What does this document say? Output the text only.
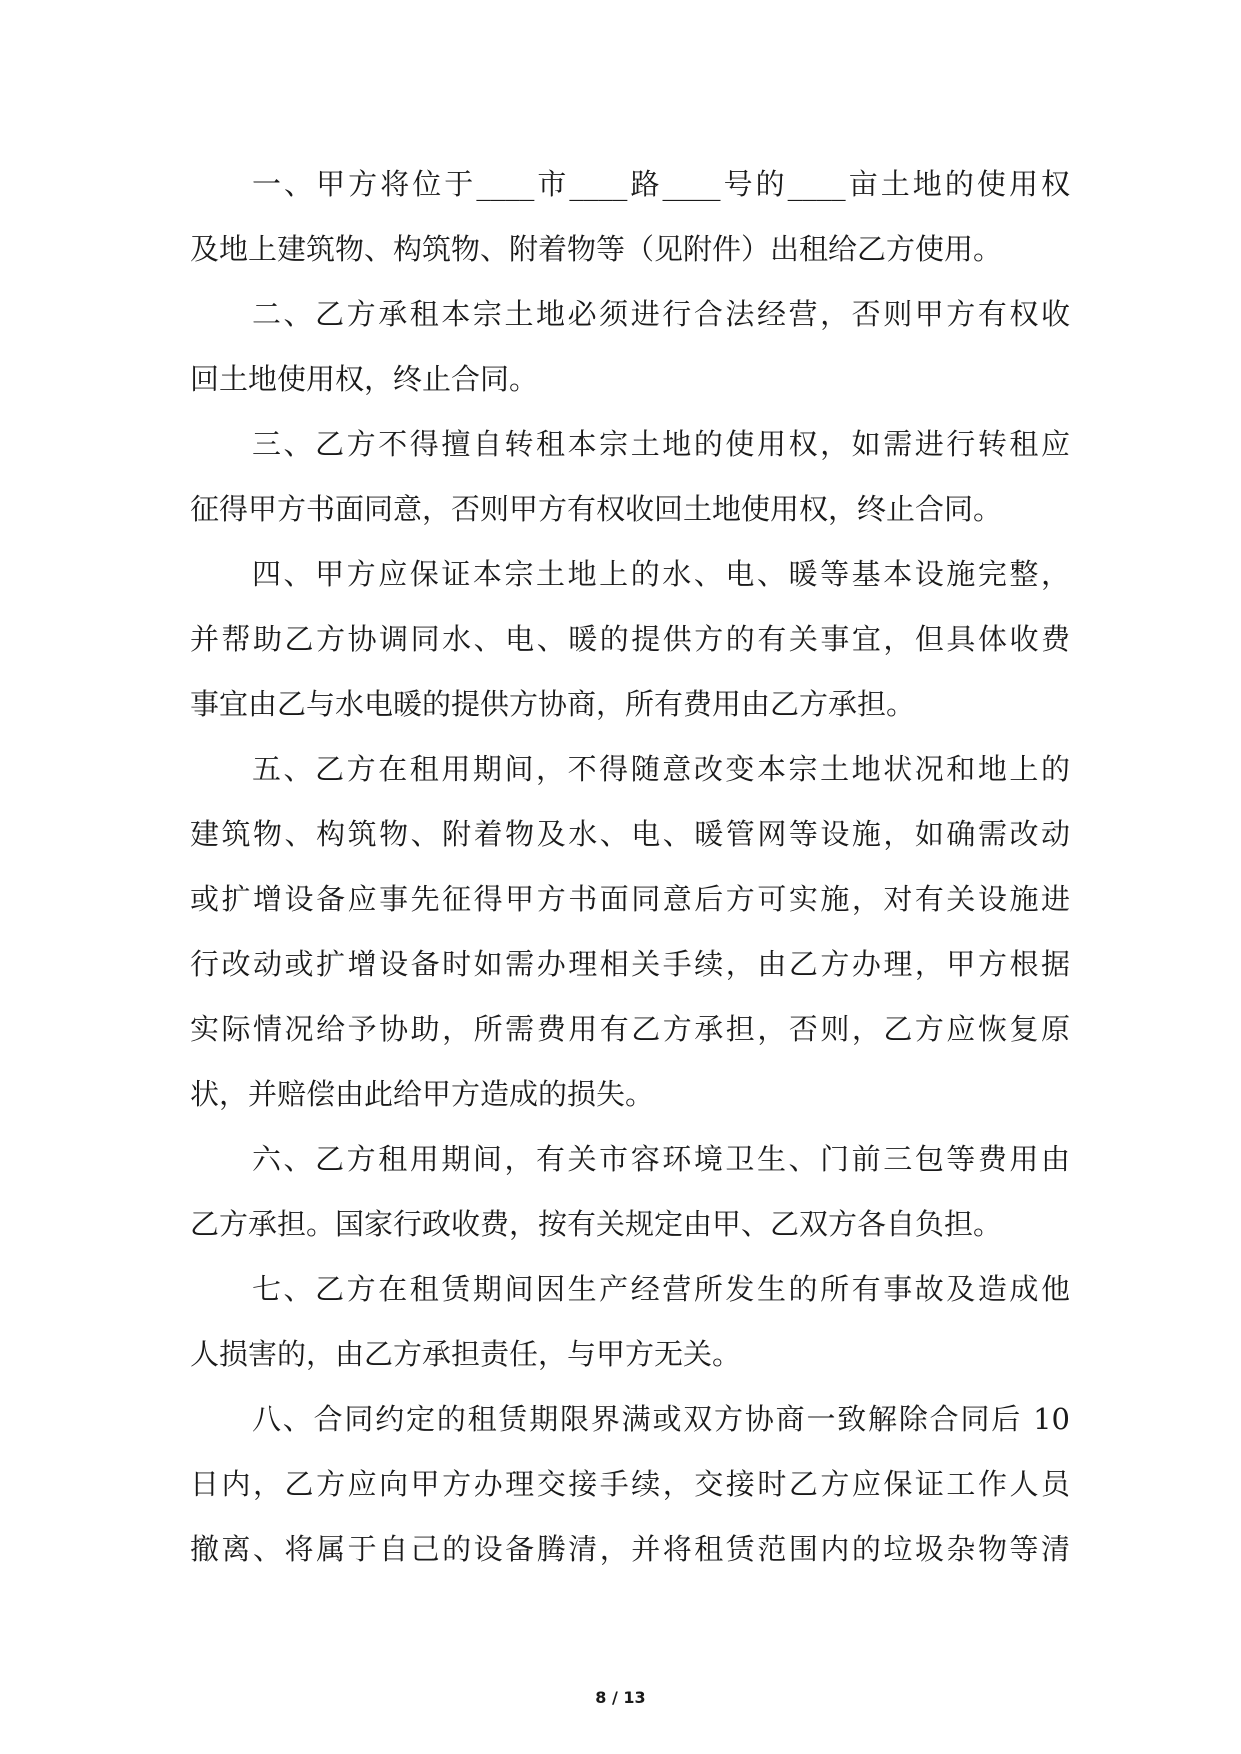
一、甲方将位于____市____路____号的____亩土地的使用权
及地上建筑物、构筑物、附着物等（见附件）出租给乙方使用。
二、乙方承租本宗土地必须进行合法经营，否则甲方有权收
回土地使用权，终止合同。
三、乙方不得擅自转租本宗土地的使用权，如需进行转租应
征得甲方书面同意，否则甲方有权收回土地使用权，终止合同。
四、甲方应保证本宗土地上的水、电、暖等基本设施完整，
并帮助乙方协调同水、电、暖的提供方的有关事宜，但具体收费
事宜由乙与水电暖的提供方协商，所有费用由乙方承担。
五、乙方在租用期间，不得随意改变本宗土地状况和地上的
建筑物、构筑物、附着物及水、电、暖管网等设施，如确需改动
或扩增设备应事先征得甲方书面同意后方可实施，对有关设施进
行改动或扩增设备时如需办理相关手续，由乙方办理，甲方根据
实际情况给予协助，所需费用有乙方承担，否则，乙方应恢复原
状，并赔偿由此给甲方造成的损失。
六、乙方租用期间，有关市容环境卫生、门前三包等费用由
乙方承担。国家行政收费，按有关规定由甲、乙双方各自负担。
七、乙方在租赁期间因生产经营所发生的所有事故及造成他
人损害的，由乙方承担责任，与甲方无关。
八、合同约定的租赁期限界满或双方协商一致解除合同后 10
日内，乙方应向甲方办理交接手续，交接时乙方应保证工作人员
撤离、将属于自己的设备腾清，并将租赁范围内的垃圾杂物等清
8 / 13
